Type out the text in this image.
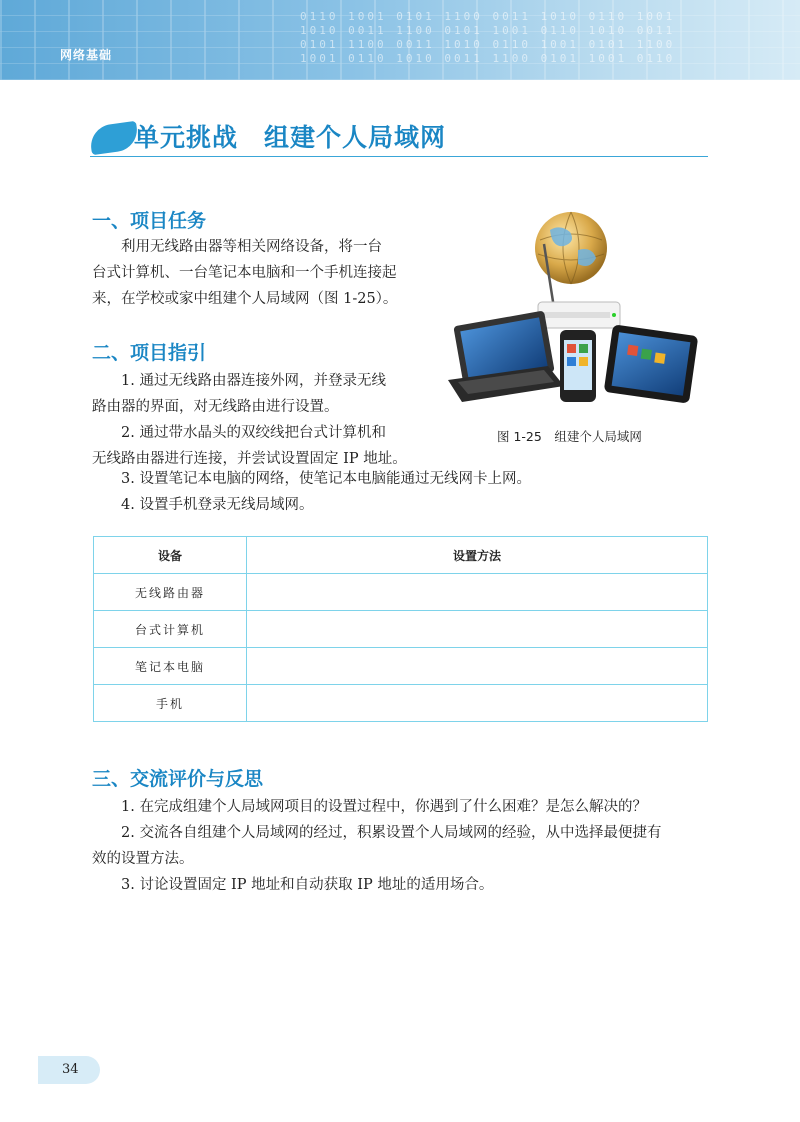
0110 1001 0101 1100 0011 1010 0110 1001
1010 0011 1100 0101 1001 0110 1010 0011
0101 1100 0011 1010 0110 1001 0101 1100
1001 0110 1010 0011 1100 0101 1001 0110
网络基础
单元挑战　组建个人局域网
一、项目任务
　　利用无线路由器等相关网络设备，将一台
台式计算机、一台笔记本电脑和一个手机连接起
来，在学校或家中组建个人局域网（图 1-25）。
二、项目指引
　　1. 通过无线路由器连接外网，并登录无线
路由器的界面，对无线路由进行设置。
　　2. 通过带水晶头的双绞线把台式计算机和
无线路由器进行连接，并尝试设置固定 IP 地址。
　　3. 设置笔记本电脑的网络，使笔记本电脑能通过无线网卡上网。
　　4. 设置手机登录无线局域网。
图 1-25　组建个人局域网
设备	设置方法
无线路由器	
台式计算机	
笔记本电脑	
手机	
三、交流评价与反思
　　1. 在完成组建个人局域网项目的设置过程中，你遇到了什么困难？是怎么解决的？
　　2. 交流各自组建个人局域网的经过，积累设置个人局域网的经验，从中选择最便捷有
效的设置方法。
　　3. 讨论设置固定 IP 地址和自动获取 IP 地址的适用场合。
34
